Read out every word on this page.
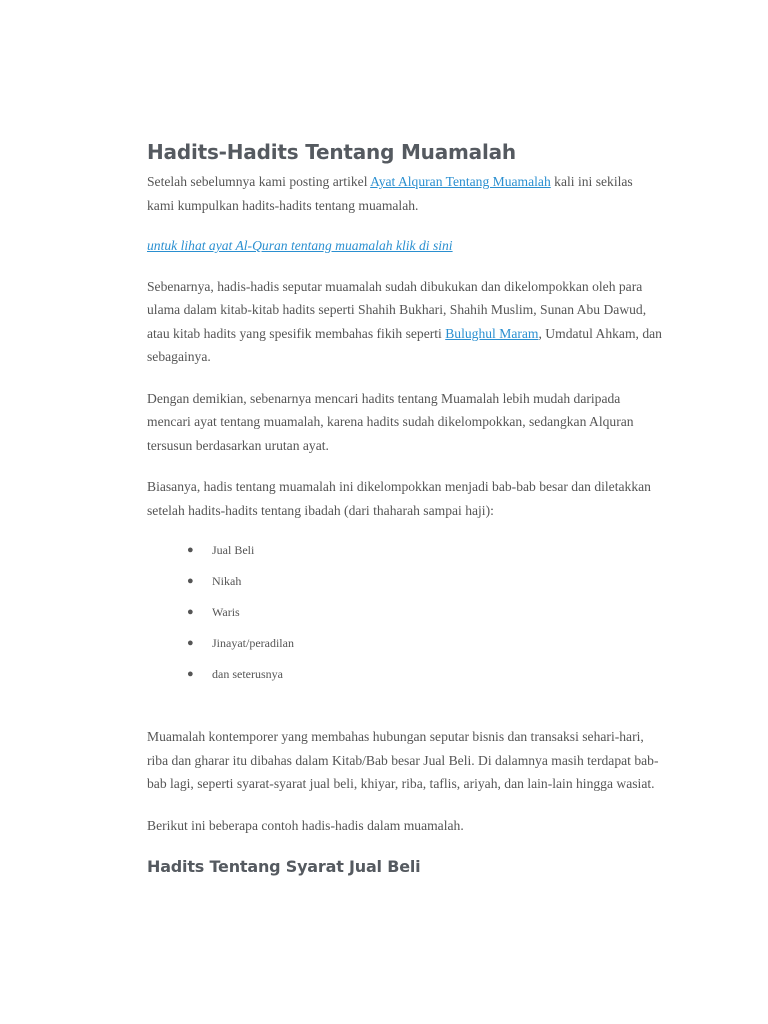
Hadits-Hadits Tentang Muamalah

Setelah sebelumnya kami posting artikel Ayat Alquran Tentang Muamalah kali ini sekilas kami kumpulkan hadits-hadits tentang muamalah.

untuk lihat ayat Al-Quran tentang muamalah klik di sini

Sebenarnya, hadis-hadis seputar muamalah sudah dibukukan dan dikelompokkan oleh para ulama dalam kitab-kitab hadits seperti Shahih Bukhari, Shahih Muslim, Sunan Abu Dawud, atau kitab hadits yang spesifik membahas fikih seperti Bulughul Maram, Umdatul Ahkam, dan sebagainya.

Dengan demikian, sebenarnya mencari hadits tentang Muamalah lebih mudah daripada mencari ayat tentang muamalah, karena hadits sudah dikelompokkan, sedangkan Alquran tersusun berdasarkan urutan ayat.

Biasanya, hadis tentang muamalah ini dikelompokkan menjadi bab-bab besar dan diletakkan setelah hadits-hadits tentang ibadah (dari thaharah sampai haji):

● Jual Beli
● Nikah
● Waris
● Jinayat/peradilan
● dan seterusnya

Muamalah kontemporer yang membahas hubungan seputar bisnis dan transaksi sehari-hari, riba dan gharar itu dibahas dalam Kitab/Bab besar Jual Beli. Di dalamnya masih terdapat bab-bab lagi, seperti syarat-syarat jual beli, khiyar, riba, taflis, ariyah, dan lain-lain hingga wasiat.

Berikut ini beberapa contoh hadis-hadis dalam muamalah.

Hadits Tentang Syarat Jual Beli
